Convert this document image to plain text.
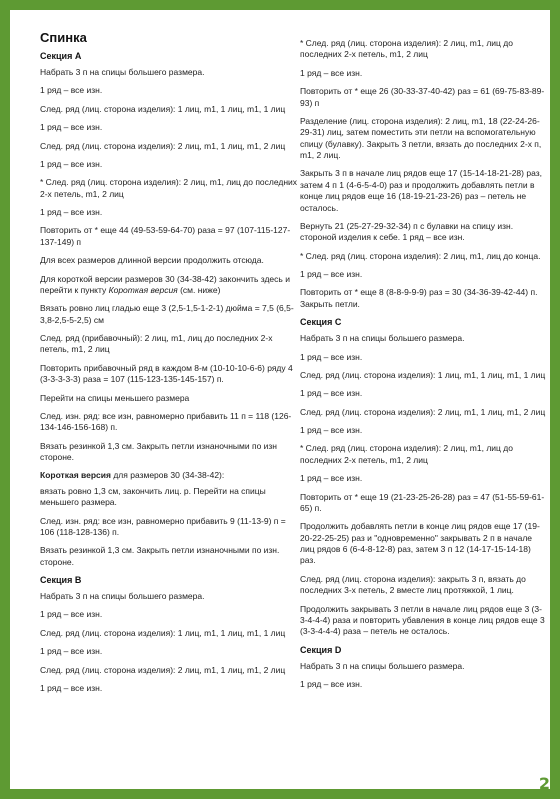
Спинка
Секция А
Набрать 3 п на спицы большего размера.
1 ряд – все изн.
След. ряд (лиц. сторона изделия): 1 лиц, m1, 1 лиц, m1, 1 лиц
1 ряд – все изн.
След. ряд (лиц. сторона изделия): 2 лиц, m1, 1 лиц, m1, 2 лиц
1 ряд – все изн.
* След. ряд (лиц. сторона изделия): 2 лиц, m1, лиц до последних 2-х петель, m1, 2 лиц
1 ряд – все изн.
Повторить от * еще 44 (49-53-59-64-70) раза = 97 (107-115-127-137-149) п
Для всех размеров длинной версии продолжить отсюда.
Для короткой версии размеров 30 (34-38-42) закончить здесь и перейти к пункту Короткая версия (см. ниже)
Вязать ровно лиц гладью еще 3 (2,5-1,5-1-2-1) дюйма = 7,5 (6,5-3,8-2,5-5-2,5) см
След. ряд (прибавочный): 2 лиц, m1, лиц до последних 2-х петель, m1, 2 лиц
Повторить прибавочный ряд в каждом 8-м (10-10-10-6-6) ряду 4 (3-3-3-3-3) раза = 107 (115-123-135-145-157) п.
Перейти на спицы меньшего размера
След. изн. ряд: все изн, равномерно прибавить 11 п = 118 (126-134-146-156-168) п.
Вязать резинкой 1,3 см. Закрыть петли изнаночными по изн стороне.
Короткая версия для размеров 30 (34-38-42):
вязать ровно 1,3 см, закончить лиц. р. Перейти на спицы меньшего размера.
След. изн. ряд: все изн, равномерно прибавить 9 (11-13-9) п = 106 (118-128-136) п.
Вязать резинкой 1,3 см. Закрыть петли изнаночными по изн. стороне.
Секция В
Набрать 3 п на спицы большего размера.
1 ряд – все изн.
След. ряд (лиц. сторона изделия): 1 лиц, m1, 1 лиц, m1, 1 лиц
1 ряд – все изн.
След. ряд (лиц. сторона изделия): 2 лиц, m1, 1 лиц, m1, 2 лиц
1 ряд – все изн.
* След. ряд (лиц. сторона изделия): 2 лиц, m1, лиц до последних 2-х петель, m1, 2 лиц
1 ряд – все изн.
Повторить от * еще 26 (30-33-37-40-42) раз = 61 (69-75-83-89-93) п
Разделение (лиц. сторона изделия): 2 лиц, m1, 18 (22-24-26-29-31) лиц, затем поместить эти петли на вспомогательную спицу (булавку). Закрыть 3 петли, вязать до последних 2-х п, m1, 2 лиц.
Закрыть 3 п в начале лиц рядов еще 17 (15-14-18-21-28) раз, затем 4 п 1 (4-6-5-4-0) раз и продолжить добавлять петли в конце лиц рядов еще 16 (18-19-21-23-26) раз – петель не осталось.
Вернуть 21 (25-27-29-32-34) п с булавки на спицу изн. стороной изделия к себе. 1 ряд – все изн.
* След. ряд (лиц. сторона изделия): 2 лиц, m1, лиц до конца.
1 ряд – все изн.
Повторить от * еще 8 (8-8-9-9-9) раз = 30 (34-36-39-42-44) п. Закрыть петли.
Секция С
Набрать 3 п на спицы большего размера.
1 ряд – все изн.
След. ряд (лиц. сторона изделия): 1 лиц, m1, 1 лиц, m1, 1 лиц
1 ряд – все изн.
След. ряд (лиц. сторона изделия): 2 лиц, m1, 1 лиц, m1, 2 лиц
1 ряд – все изн.
* След. ряд (лиц. сторона изделия): 2 лиц, m1, лиц до последних 2-х петель, m1, 2 лиц
1 ряд – все изн.
Повторить от * еще 19 (21-23-25-26-28) раз = 47 (51-55-59-61-65) п.
Продолжить добавлять петли в конце лиц рядов еще 17 (19-20-22-25-25) раз и "одновременно" закрывать 2 п в начале лиц рядов 6 (6-4-8-12-8) раз, затем 3 п 12 (14-17-15-14-18) раз.
След. ряд (лиц. сторона изделия): закрыть 3 п, вязать до последних 3-х петель, 2 вместе лиц протяжкой, 1 лиц.
Продолжить закрывать 3 петли в начале лиц рядов еще 3 (3-3-4-4-4) раза и повторить убавления в конце лиц рядов еще 3 (3-3-4-4-4) раза – петель не осталось.
Секция D
Набрать 3 п на спицы большего размера.
1 ряд – все изн.
2
